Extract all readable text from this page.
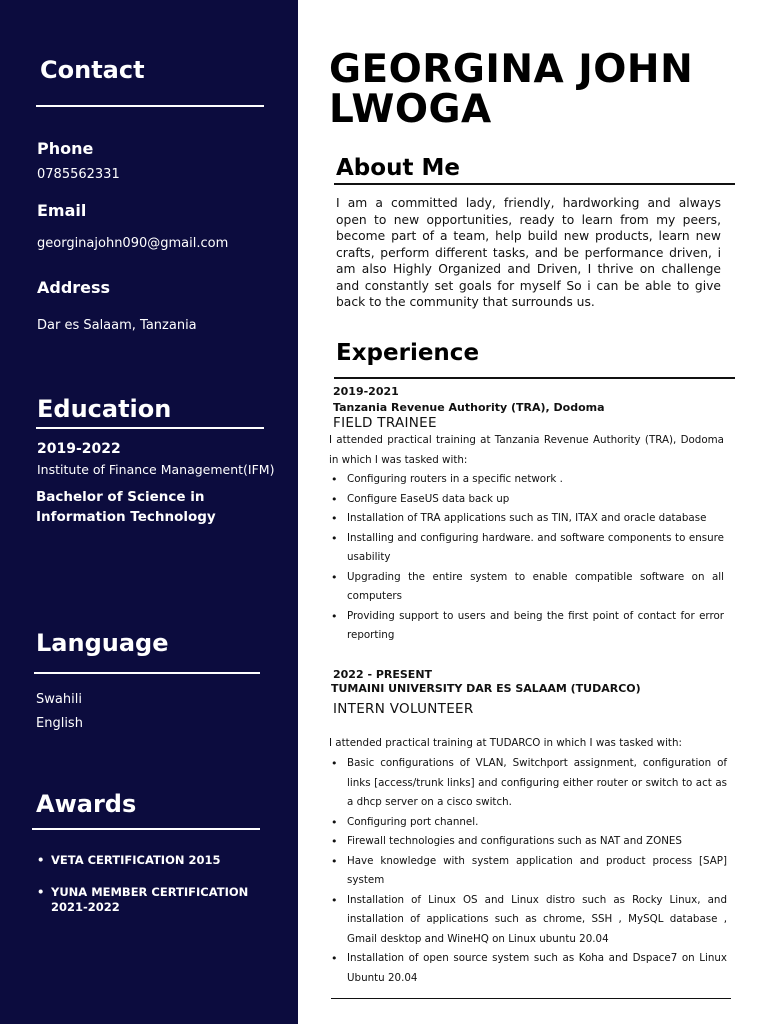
Contact
Phone
0785562331
Email
georginajohn090@gmail.com
Address
Dar es Salaam, Tanzania
Education
2019-2022
Institute of Finance Management(IFM)
Bachelor of Science in
Information Technology
Language
Swahili
English
Awards
• VETA CERTIFICATION 2015
• YUNA MEMBER CERTIFICATION 2021-2022
GEORGINA JOHN
LWOGA
About Me
I am a committed lady, friendly, hardworking and always open to new opportunities, ready to learn from my peers, become part of a team, help build new products, learn new crafts, perform different tasks, and be performance driven, i am also Highly Organized and Driven, I thrive on challenge and constantly set goals for myself So i can be able to give back to the community that surrounds us.
Experience
2019-2021
Tanzania Revenue Authority (TRA), Dodoma
FIELD TRAINEE
I attended practical training at Tanzania Revenue Authority (TRA), Dodoma in which I was tasked with:
• Configuring routers in a specific network .
• Configure EaseUS data back up
• Installation of TRA applications such as TIN, ITAX and oracle database
• Installing and configuring hardware. and software components to ensure usability
• Upgrading the entire system to enable compatible software on all computers
• Providing support to users and being the first point of contact for error reporting
2022 - PRESENT
TUMAINI UNIVERSITY DAR ES SALAAM (TUDARCO)
INTERN VOLUNTEER
I attended practical training at TUDARCO in which I was tasked with:
• Basic configurations of VLAN, Switchport assignment, configuration of links [access/trunk links] and configuring either router or switch to act as a dhcp server on a cisco switch.
• Configuring port channel.
• Firewall technologies and configurations such as NAT and ZONES
• Have knowledge with system application and product process [SAP] system
• Installation of Linux OS and Linux distro such as Rocky Linux, and installation of applications such as chrome, SSH , MySQL database , Gmail desktop and WineHQ on Linux ubuntu 20.04
• Installation of open source system such as Koha and Dspace7 on Linux Ubuntu 20.04
